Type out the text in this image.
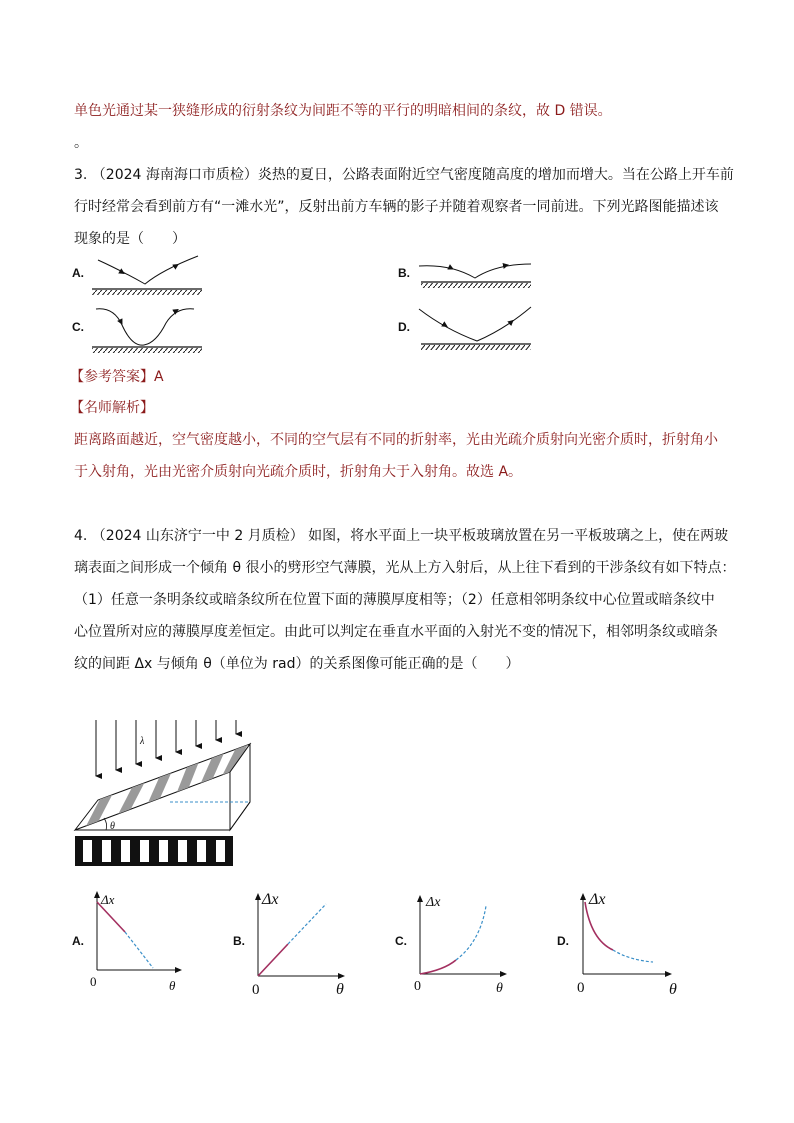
单色光通过某一狭缝形成的衍射条纹为间距不等的平行的明暗相间的条纹，故 D 错误。
。
3. （2024 海南海口市质检）炎热的夏日，公路表面附近空气密度随高度的增加而增大。当在公路上开车前
行时经常会看到前方有“一滩水光”，反射出前方车辆的影子并随着观察者一同前进。下列光路图能描述该
现象的是（　　）
A.	B.
C.	D.
【参考答案】A
【名师解析】
距离路面越近，空气密度越小，不同的空气层有不同的折射率，光由光疏介质射向光密介质时，折射角小
于入射角，光由光密介质射向光疏介质时，折射角大于入射角。故选 A。
4. （2024 山东济宁一中 2 月质检） 如图，将水平面上一块平板玻璃放置在另一平板玻璃之上，使在两玻
璃表面之间形成一个倾角 θ 很小的劈形空气薄膜，光从上方入射后，从上往下看到的干涉条纹有如下特点：
（1）任意一条明条纹或暗条纹所在位置下面的薄膜厚度相等；（2）任意相邻明条纹中心位置或暗条纹中
心位置所对应的薄膜厚度差恒定。由此可以判定在垂直水平面的入射光不变的情况下，相邻明条纹或暗条
纹的间距 Δx 与倾角 θ（单位为 rad）的关系图像可能正确的是（　　）
λ
θ
A.	B.	C.	D.
Δx
0	θ
Δx
0	θ
Δx
0	θ
Δx
0	θ
